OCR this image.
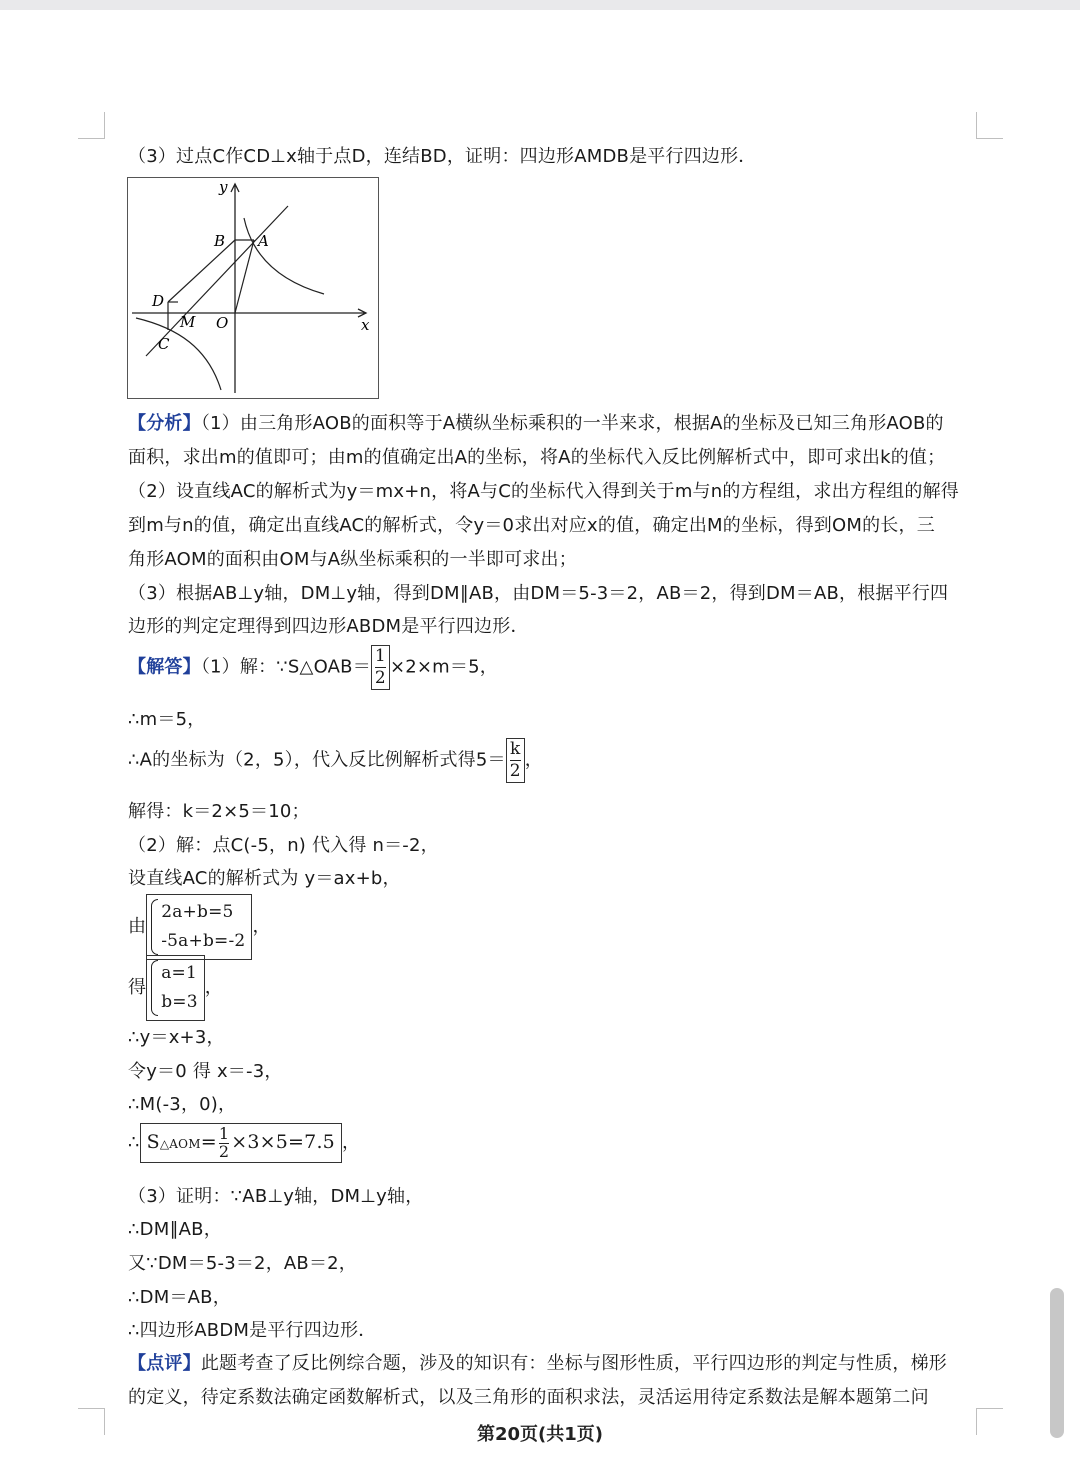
（3）过点C作CD⊥x轴于点D，连结BD，证明：四边形AMDB是平行四边形．
y
x
B A
D
M O
C
【分析】（1）由三角形AOB的面积等于A横纵坐标乘积的一半来求，根据A的坐标及已知三角形AOB的
面积，求出m的值即可；由m的值确定出A的坐标，将A的坐标代入反比例解析式中，即可求出k的值；
（2）设直线AC的解析式为y＝mx+n，将A与C的坐标代入得到关于m与n的方程组，求出方程组的解得
到m与n的值，确定出直线AC的解析式，令y＝0求出对应x的值，确定出M的坐标，得到OM的长，三
角形AOM的面积由OM与A纵坐标乘积的一半即可求出；
（3）根据AB⊥y轴，DM⊥y轴，得到DM∥AB，由DM＝5-3＝2，AB＝2，得到DM＝AB，根据平行四
边形的判定定理得到四边形ABDM是平行四边形．
【解答】（1）解：∵S△OAB＝ $\frac{1}{2} \times 2\times m=5$，
∴m＝5，
∴A的坐标为（2，5），代入反比例解析式得$5= \frac{k}{2}$ ，
解得：k＝2×5＝10；
（2）解：点C(-5，n) 代入得 n＝-2，
设直线AC的解析式为 y＝ax+b，
由
2a+b=5
-5a+b=-2
，
得
a=1
b=3
，
∴y＝x+3，
令y＝0 得 x＝-3，
∴M(-3，0)，
∴ S△AOM= $\frac{1}{2} \times 3\times 5=7.5$ ，
（3）证明：∵AB⊥y轴，DM⊥y轴，
∴DM∥AB，
又∵DM＝5-3＝2，AB＝2，
∴DM＝AB，
∴四边形ABDM是平行四边形．
【点评】此题考查了反比例综合题，涉及的知识有：坐标与图形性质，平行四边形的判定与性质，梯形
的定义，待定系数法确定函数解析式，以及三角形的面积求法，灵活运用待定系数法是解本题第二问
第20页(共1页)
